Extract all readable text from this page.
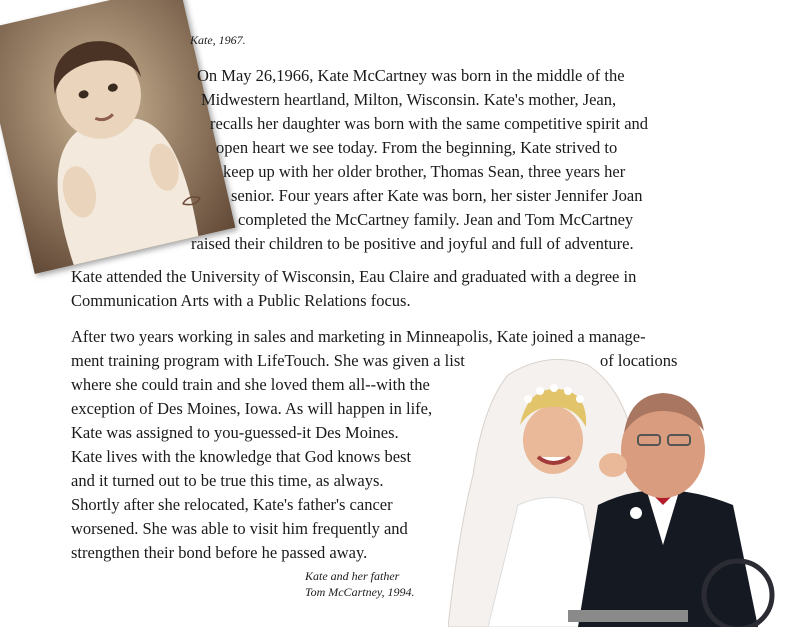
Kate, 1967.
On May 26,1966, Kate McCartney was born in the middle of the
Midwestern heartland, Milton, Wisconsin. Kate's mother, Jean,
recalls her daughter was born with the same competitive spirit and
open heart we see today. From the beginning, Kate strived to
keep up with her older brother, Thomas Sean, three years her
senior. Four years after Kate was born, her sister Jennifer Joan
completed the McCartney family. Jean and Tom McCartney
raised their children to be positive and joyful and full of adventure.
Kate attended the University of Wisconsin, Eau Claire and graduated with a degree in
Communication Arts with a Public Relations focus.
After two years working in sales and marketing in Minneapolis, Kate joined a manage-
ment training program with LifeTouch. She was given a list	of locations
where she could train and she loved them all--with the
exception of Des Moines, Iowa. As will happen in life,
Kate was assigned to you-guessed-it Des Moines.
Kate lives with the knowledge that God knows best
and it turned out to be true this time, as always.
Shortly after she relocated, Kate's father's cancer
worsened. She was able to visit him frequently and
strengthen their bond before he passed away.
Kate and her father
Tom McCartney, 1994.
